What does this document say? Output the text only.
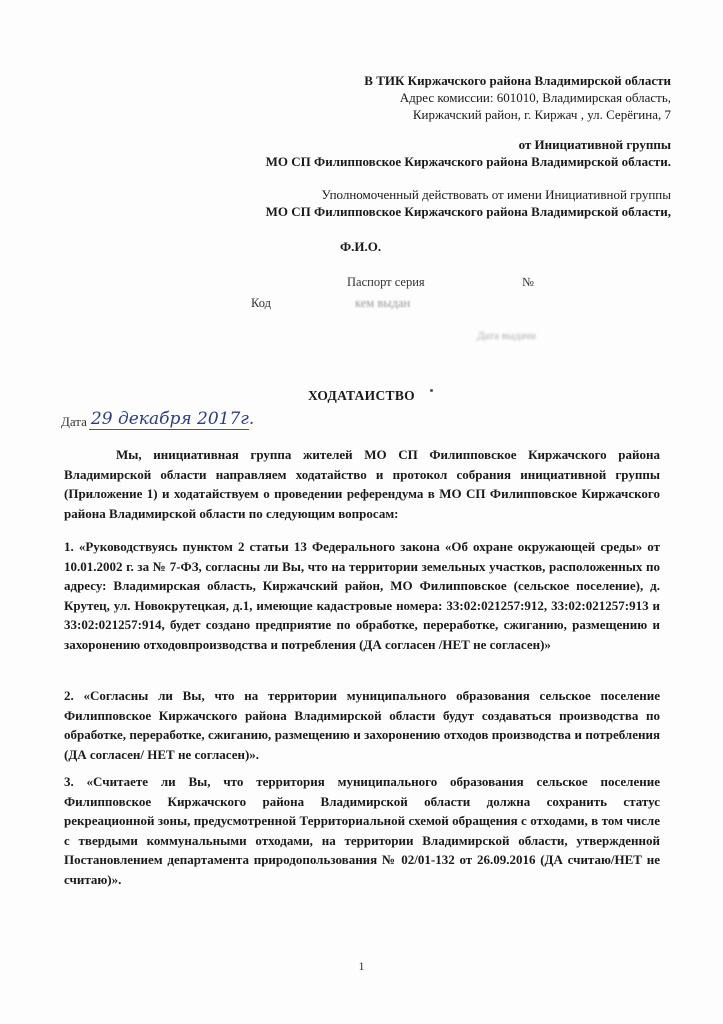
В ТИК Киржачского района Владимирской области
Адрес комиссии: 601010, Владимирская область,
Киржачский район, г. Киржач , ул. Серёгина, 7
от Инициативной группы
МО СП Филипповское Киржачского района Владимирской области.
Уполномоченный действовать от имени Инициативной группы
МО СП Филипповское Киржачского района Владимирской области,
Ф.И.О.
Паспорт серия	№
Код	кем выдан
Дата выдачи
ХОДАТАИСТВО
Дата 29 декабря 2017г.
Мы, инициативная группа жителей МО СП Филипповское Киржачского района Владимирской области направляем ходатайство и протокол собрания инициативной группы (Приложение 1) и ходатайствуем о проведении референдума в МО СП Филипповское Киржачского района Владимирской области по следующим вопросам:
1. «Руководствуясь пунктом 2 статьи 13 Федерального закона «Об охране окружающей среды» от 10.01.2002 г. за № 7-ФЗ, согласны ли Вы, что на территории земельных участков, расположенных по адресу: Владимирская область, Киржачский район, МО Филипповское (сельское поселение), д. Крутец, ул. Новокрутецкая, д.1, имеющие кадастровые номера: 33:02:021257:912, 33:02:021257:913 и 33:02:021257:914, будет создано предприятие по обработке, переработке, сжиганию, размещению и захоронению отходовпроизводства и потребления (ДА согласен /НЕТ не согласен)»
2. «Согласны ли Вы, что на территории муниципального образования сельское поселение Филипповское Киржачского района Владимирской области будут создаваться производства по обработке, переработке, сжиганию, размещению и захоронению отходов производства и потребления (ДА согласен/ НЕТ не согласен)».
3. «Считаете ли Вы, что территория муниципального образования сельское поселение Филипповское Киржачского района Владимирской области должна сохранить статус рекреационной зоны, предусмотренной Территориальной схемой обращения с отходами, в том числе с твердыми коммунальными отходами, на территории Владимирской области, утвержденной Постановлением департамента природопользования № 02/01-132 от 26.09.2016 (ДА считаю/НЕТ не считаю)».
1
